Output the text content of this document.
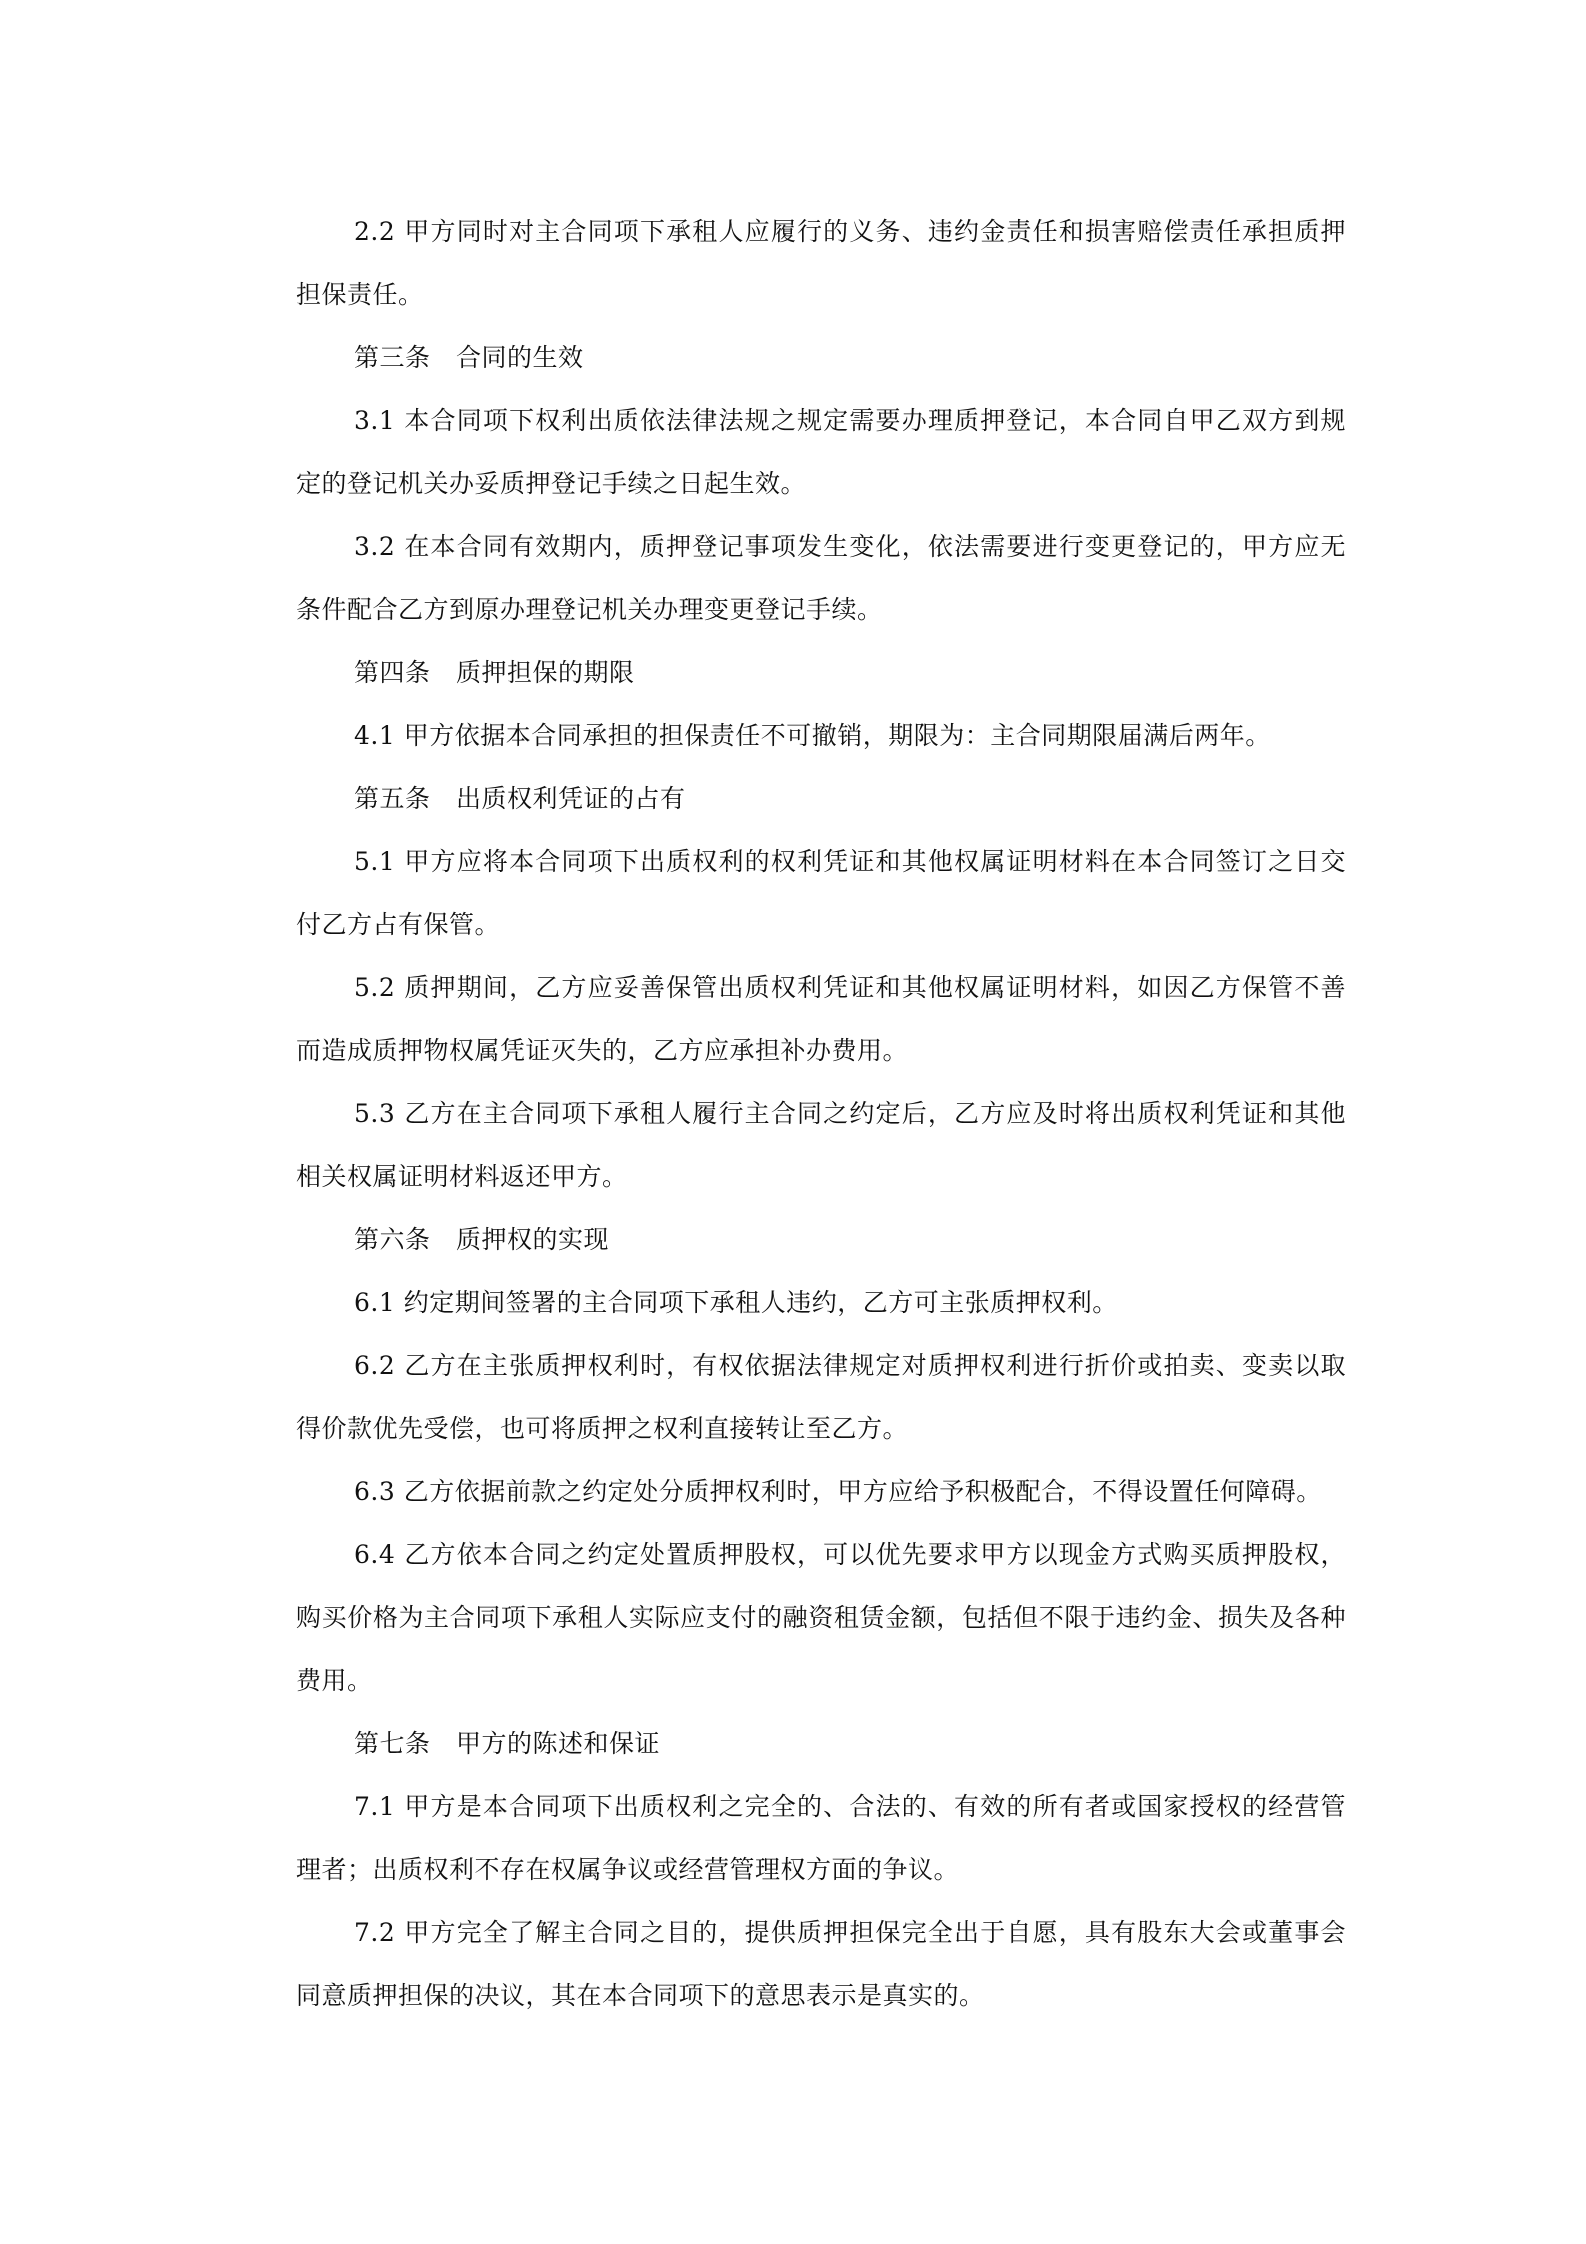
2.2 甲方同时对主合同项下承租人应履行的义务、违约金责任和损害赔偿责任承担质押担保责任。

第三条　合同的生效

3.1 本合同项下权利出质依法律法规之规定需要办理质押登记，本合同自甲乙双方到规定的登记机关办妥质押登记手续之日起生效。

3.2 在本合同有效期内，质押登记事项发生变化，依法需要进行变更登记的，甲方应无条件配合乙方到原办理登记机关办理变更登记手续。

第四条　质押担保的期限

4.1 甲方依据本合同承担的担保责任不可撤销，期限为：主合同期限届满后两年。

第五条　出质权利凭证的占有

5.1 甲方应将本合同项下出质权利的权利凭证和其他权属证明材料在本合同签订之日交付乙方占有保管。

5.2 质押期间，乙方应妥善保管出质权利凭证和其他权属证明材料，如因乙方保管不善而造成质押物权属凭证灭失的，乙方应承担补办费用。

5.3 乙方在主合同项下承租人履行主合同之约定后，乙方应及时将出质权利凭证和其他相关权属证明材料返还甲方。

第六条　质押权的实现

6.1 约定期间签署的主合同项下承租人违约，乙方可主张质押权利。

6.2 乙方在主张质押权利时，有权依据法律规定对质押权利进行折价或拍卖、变卖以取得价款优先受偿，也可将质押之权利直接转让至乙方。

6.3 乙方依据前款之约定处分质押权利时，甲方应给予积极配合，不得设置任何障碍。

6.4 乙方依本合同之约定处置质押股权，可以优先要求甲方以现金方式购买质押股权，购买价格为主合同项下承租人实际应支付的融资租赁金额，包括但不限于违约金、损失及各种费用。

第七条　甲方的陈述和保证

7.1 甲方是本合同项下出质权利之完全的、合法的、有效的所有者或国家授权的经营管理者；出质权利不存在权属争议或经营管理权方面的争议。

7.2 甲方完全了解主合同之目的，提供质押担保完全出于自愿，具有股东大会或董事会同意质押担保的决议，其在本合同项下的意思表示是真实的。
